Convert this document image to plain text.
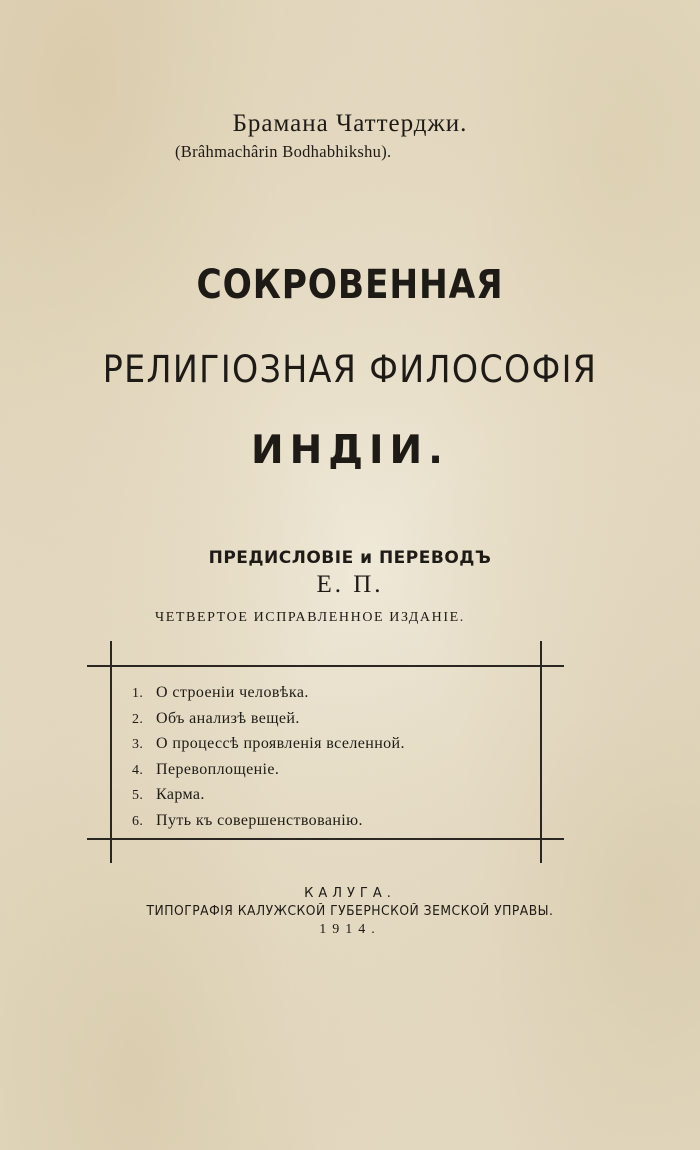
Брамана Чаттерджи.
(Brâhmachârin Bodhabhikshu).
СОКРОВЕННАЯ
РЕЛИГІОЗНАЯ ФИЛОСОФІЯ
ИНДІИ.
ПРЕДИСЛОВІЕ и ПЕРЕВОДЪ
Е. П.
ЧЕТВЕРТОЕ ИСПРАВЛЕННОЕ ИЗДАНІЕ.
1. О строеніи человѣка.
2. Объ анализѣ вещей.
3. О процессѣ проявленія вселенной.
4. Перевоплощеніе.
5. Карма.
6. Путь къ совершенствованію.
КАЛУГА.
ТИПОГРАФІЯ КАЛУЖСКОЙ ГУБЕРНСКОЙ ЗЕМСКОЙ УПРАВЫ.
1914.
